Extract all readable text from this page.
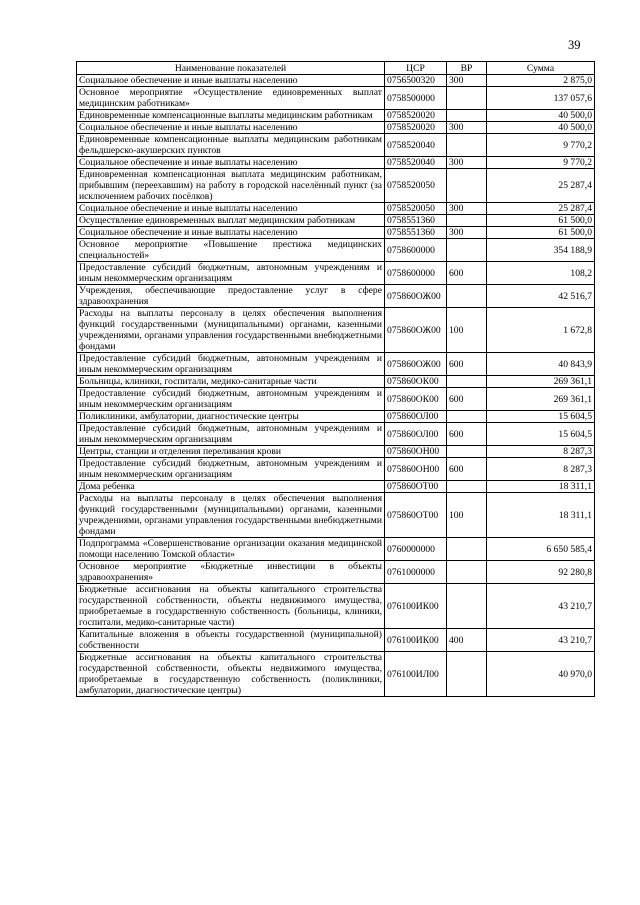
39
Наименование показателей	ЦСР	ВР	Сумма
Социальное обеспечение и иные выплаты населению	0756500320	300	2 875,0
Основное мероприятие «Осуществление единовременных выплат медицинским работникам»	0758500000		137 057,6
Единовременные компенсационные выплаты медицинским работникам	0758520020		40 500,0
Социальное обеспечение и иные выплаты населению	0758520020	300	40 500,0
Единовременные компенсационные выплаты медицинским работникам фельдшерско-акушерских пунктов	0758520040		9 770,2
Социальное обеспечение и иные выплаты населению	0758520040	300	9 770,2
Единовременная компенсационная выплата медицинским работникам, прибывшим (переехавшим) на работу в городской населённый пункт (за исключением рабочих посёлков)	0758520050		25 287,4
Социальное обеспечение и иные выплаты населению	0758520050	300	25 287,4
Осуществление единовременных выплат медицинским работникам	0758551360		61 500,0
Социальное обеспечение и иные выплаты населению	0758551360	300	61 500,0
Основное мероприятие «Повышение престижа медицинских специальностей»	0758600000		354 188,9
Предоставление субсидий бюджетным, автономным учреждениям и иным некоммерческим организациям	0758600000	600	108,2
Учреждения, обеспечивающие предоставление услуг в сфере здравоохранения	075860ОЖ00		42 516,7
Расходы на выплаты персоналу в целях обеспечения выполнения функций государственными (муниципальными) органами, казенными учреждениями, органами управления государственными внебюджетными фондами	075860ОЖ00	100	1 672,8
Предоставление субсидий бюджетным, автономным учреждениям и иным некоммерческим организациям	075860ОЖ00	600	40 843,9
Больницы, клиники, госпитали, медико-санитарные части	075860ОК00		269 361,1
Предоставление субсидий бюджетным, автономным учреждениям и иным некоммерческим организациям	075860ОК00	600	269 361,1
Поликлиники, амбулатории, диагностические центры	075860ОЛ00		15 604,5
Предоставление субсидий бюджетным, автономным учреждениям и иным некоммерческим организациям	075860ОЛ00	600	15 604,5
Центры, станции и отделения переливания крови	075860ОН00		8 287,3
Предоставление субсидий бюджетным, автономным учреждениям и иным некоммерческим организациям	075860ОН00	600	8 287,3
Дома ребенка	075860ОТ00		18 311,1
Расходы на выплаты персоналу в целях обеспечения выполнения функций государственными (муниципальными) органами, казенными учреждениями, органами управления государственными внебюджетными фондами	075860ОТ00	100	18 311,1
Подпрограмма «Совершенствование организации оказания медицинской помощи населению Томской области»	0760000000		6 650 585,4
Основное мероприятие «Бюджетные инвестиции в объекты здравоохранения»	0761000000		92 280,8
Бюджетные ассигнования на объекты капитального строительства государственной собственности, объекты недвижимого имущества, приобретаемые в государственную собственность (больницы, клиники, госпитали, медико-санитарные части)	076100ИК00		43 210,7
Капитальные вложения в объекты государственной (муниципальной) собственности	076100ИК00	400	43 210,7
Бюджетные ассигнования на объекты капитального строительства государственной собственности, объекты недвижимого имущества, приобретаемые в государственную собственность (поликлиники, амбулатории, диагностические центры)	076100ИЛ00		40 970,0
